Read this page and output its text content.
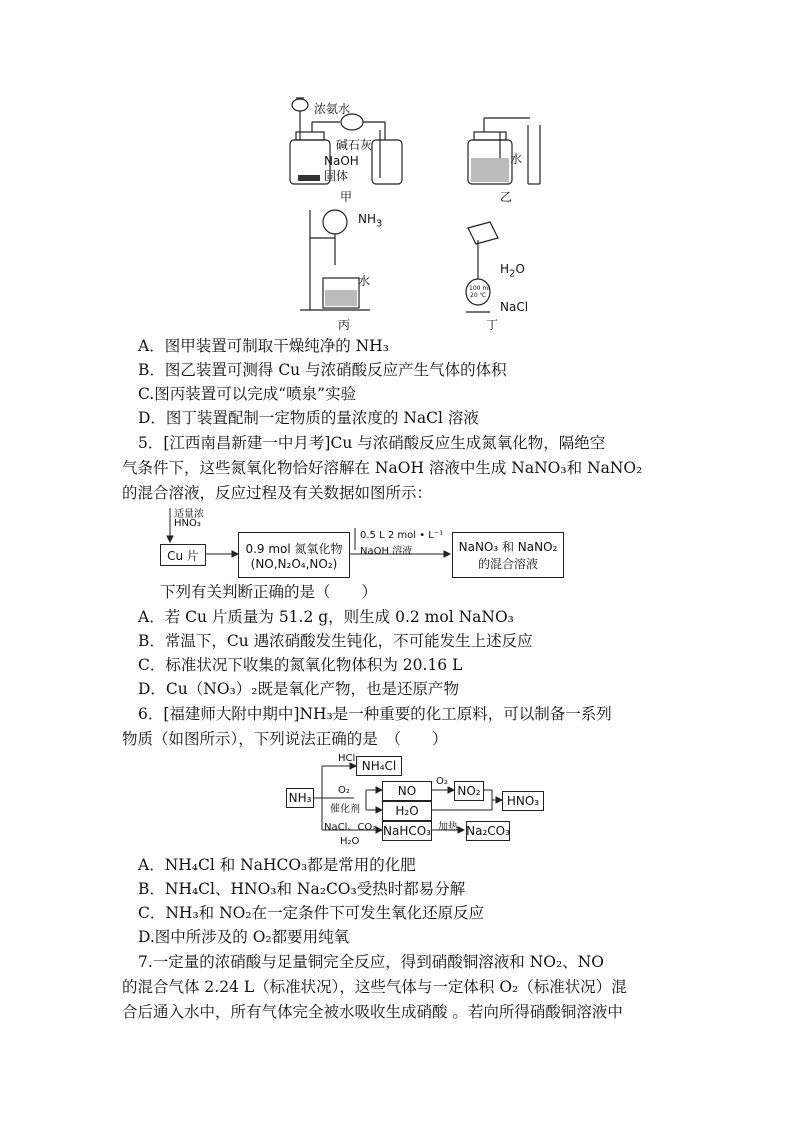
浓氨水
碱石灰
NaOH
固体
甲
水
乙
$NH_3$
水
丙
$H_2O$
100 ml
20 ℃
NaCl
丁
A．图甲装置可制取干燥纯净的 NH₃
B．图乙装置可测得 Cu 与浓硝酸反应产生气体的体积
C.图丙装置可以完成“喷泉”实验
D．图丁装置配制一定物质的量浓度的 NaCl 溶液
5．[江西南昌新建一中月考]Cu 与浓硝酸反应生成氮氧化物，隔绝空
气条件下，这些氮氧化物恰好溶解在 NaOH 溶液中生成 NaNO₃和 NaNO₂
的混合溶液，反应过程及有关数据如图所示：
适量浓
HNO₃
Cu 片	0.9 mol 氮氧化物
(NO,N₂O₄,NO₂)
0.5 L 2 mol • L⁻¹
NaOH 溶液	NaNO₃ 和 NaNO₂
的混合溶液
下列有关判断正确的是（　　）
A．若 Cu 片质量为 51.2 g，则生成 0.2 mol NaNO₃
B．常温下，Cu 遇浓硝酸发生钝化，不可能发生上述反应
C．标准状况下收集的氮氧化物体积为 20.16 L
D．Cu（NO₃）₂既是氧化产物，也是还原产物
6．[福建师大附中期中]NH₃是一种重要的化工原料，可以制备一系列
物质（如图所示），下列说法正确的是　（　　）
NH₃
HCl
NH₄Cl
O₂
催化剂
NO
O₂
NO₂
HNO₃
H₂O
NaCl、CO₂
H₂O
NaHCO₃ 加热 Na₂CO₃
A．NH₄Cl 和 NaHCO₃都是常用的化肥
B．NH₄Cl、HNO₃和 Na₂CO₃受热时都易分解
C．NH₃和 NO₂在一定条件下可发生氧化还原反应
D.图中所涉及的 O₂都要用纯氧
7.一定量的浓硝酸与足量铜完全反应，得到硝酸铜溶液和 NO₂、NO
的混合气体 2.24 L（标准状况），这些气体与一定体积 O₂（标准状况）混
合后通入水中，所有气体完全被水吸收生成硝酸 。若向所得硝酸铜溶液中
